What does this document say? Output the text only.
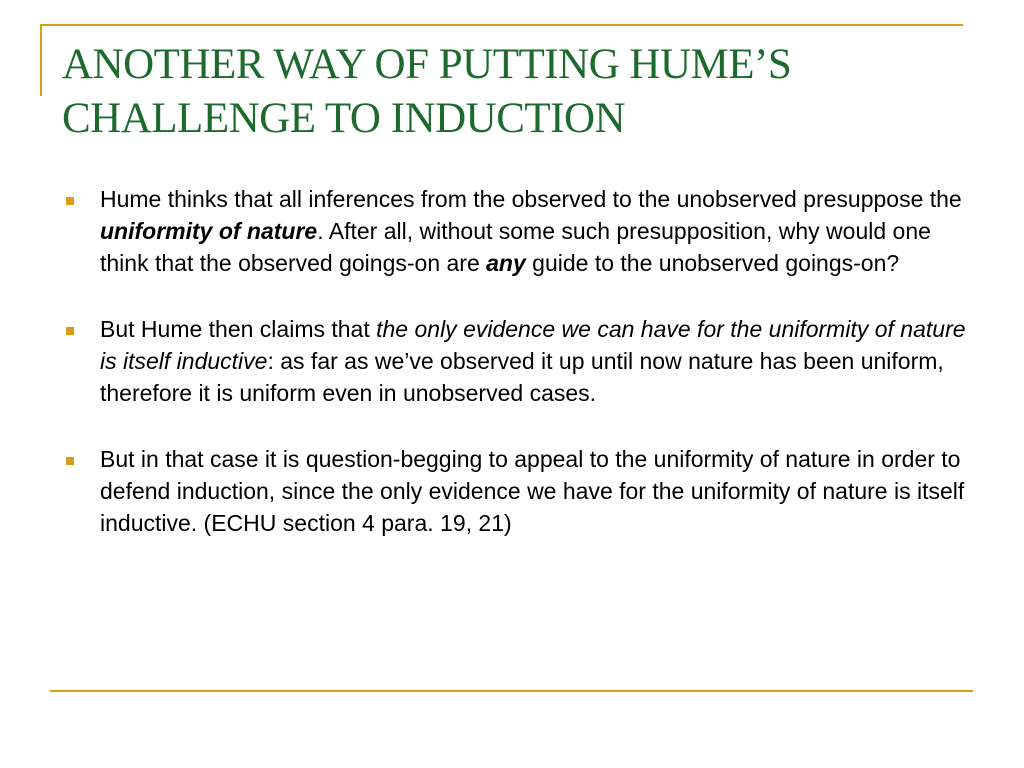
ANOTHER WAY OF PUTTING HUME’S
CHALLENGE TO INDUCTION
Hume thinks that all inferences from the observed to the unobserved presuppose the uniformity of nature. After all, without some such presupposition, why would one think that the observed goings-on are any guide to the unobserved goings-on?
But Hume then claims that the only evidence we can have for the uniformity of nature is itself inductive: as far as we’ve observed it up until now nature has been uniform, therefore it is uniform even in unobserved cases.
But in that case it is question-begging to appeal to the uniformity of nature in order to defend induction, since the only evidence we have for the uniformity of nature is itself inductive. (ECHU section 4 para. 19, 21)
